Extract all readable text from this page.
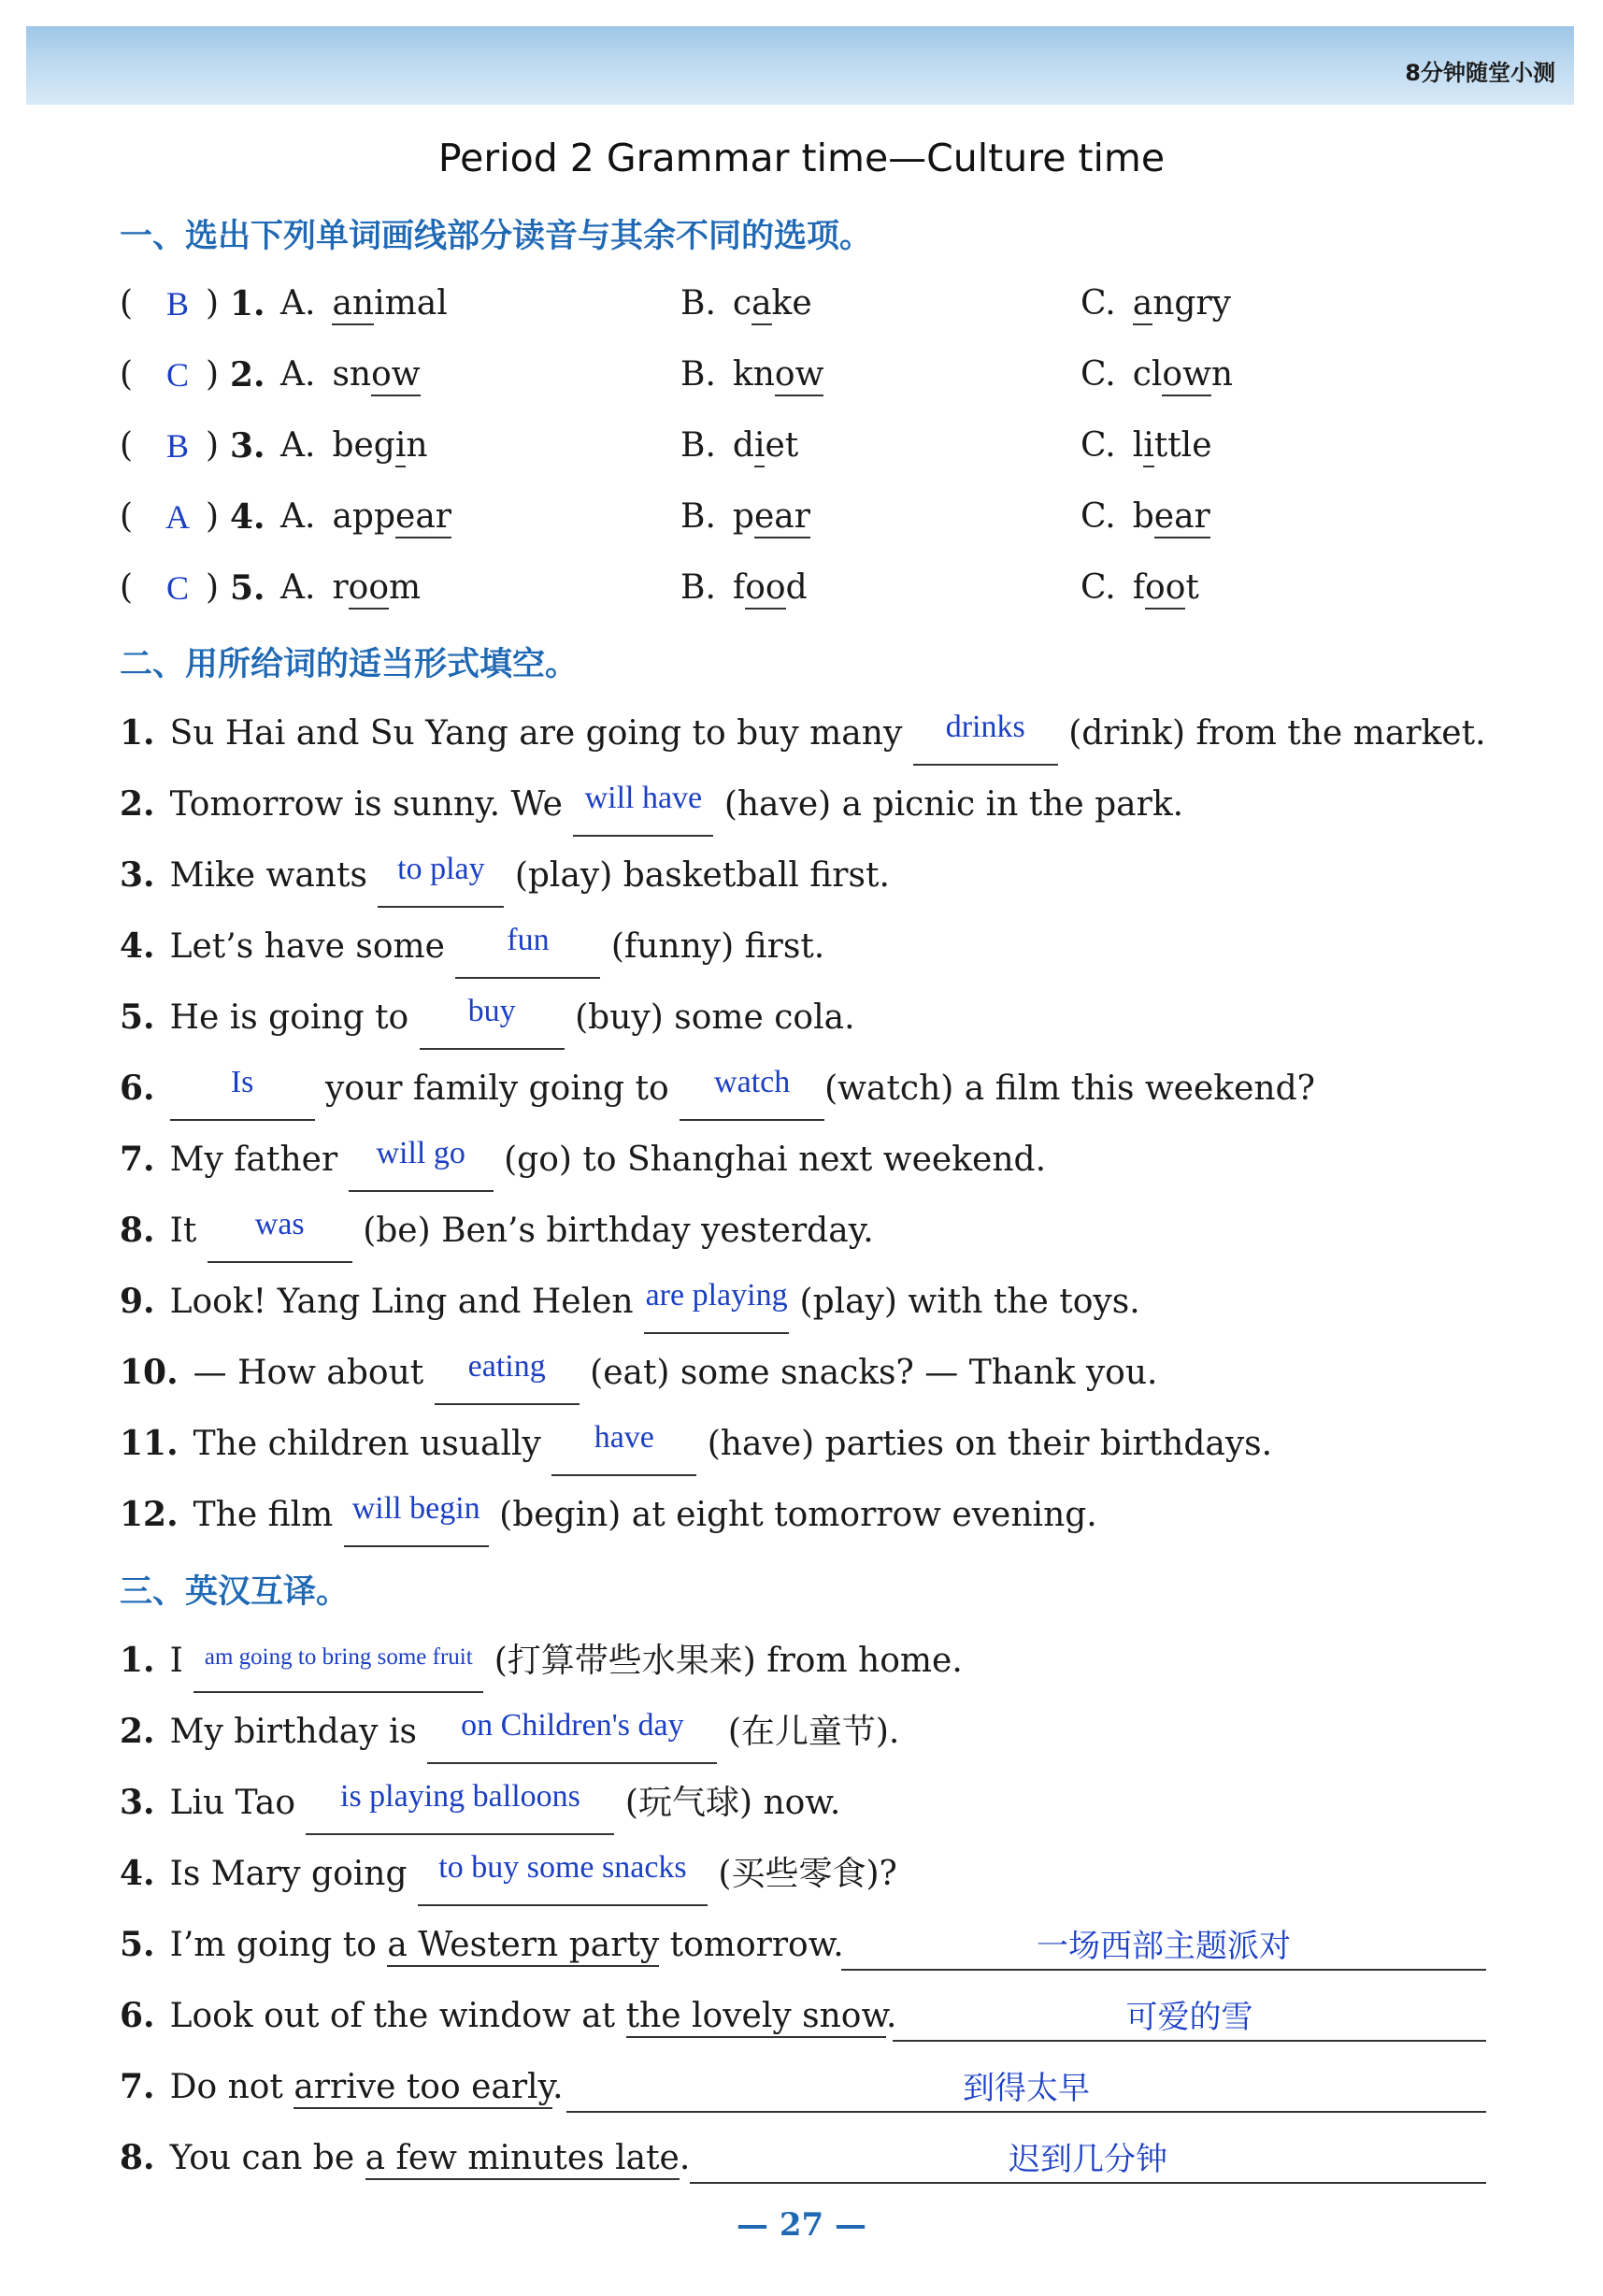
8分钟随堂小测
Period 2 Grammar time—Culture time
一、选出下列单词画线部分读音与其余不同的选项。
( B ) 1. A. animal	B. cake	C. angry
( C ) 2. A. snow	B. know	C. clown
( B ) 3. A. begin	B. diet	C. little
( A ) 4. A. appear	B. pear	C. bear
( C ) 5. A. room	B. food	C. foot
二、用所给词的适当形式填空。
1. Su Hai and Su Yang are going to buy many drinks (drink) from the market.
2. Tomorrow is sunny. We will have (have) a picnic in the park.
3. Mike wants to play (play) basketball first.
4. Let’s have some fun (funny) first.
5. He is going to buy (buy) some cola.
6. Is your family going to watch (watch) a film this weekend?
7. My father will go (go) to Shanghai next weekend.
8. It was (be) Ben’s birthday yesterday.
9. Look! Yang Ling and Helen are playing (play) with the toys.
10. — How about eating (eat) some snacks? — Thank you.
11. The children usually have (have) parties on their birthdays.
12. The film will begin (begin) at eight tomorrow evening.
三、英汉互译。
1. I $^{am going to bring some fruit}$ (打算带些水果来) from home.
2. My birthday is on Children's day (在儿童节).
3. Liu Tao is playing balloons (玩气球) now.
4. Is Mary going to buy some snacks (买些零食)?
5. I’m going to a Western party tomorrow.	一场西部主题派对
6. Look out of the window at the lovely snow.	可爱的雪
7. Do not arrive too early.	到得太早
8. You can be a few minutes late.	迟到几分钟
— 27 —
